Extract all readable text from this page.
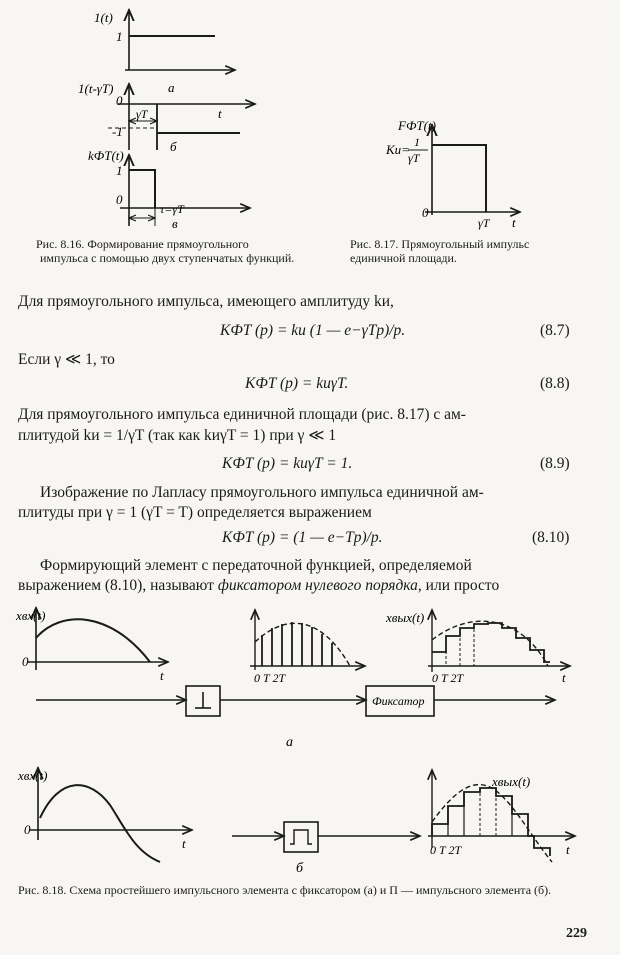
1(t)
1
1(t-γT)
0
-1
γT	t
а
б
kФT(t)
1
0
τ=γT
в
FФT(t)
Kи= 1
γT
0
γT t
Рис. 8.16. Формирование прямоугольного импульса с помощью двух ступенчатых функций.
Рис. 8.17. Прямоугольный импульс единичной площади.
Для прямоугольного импульса, имеющего амплитуду kи,
KФT (p) = kи (1 — e−γTp)/p.	(8.7)
Если γ ≪ 1, то
KФT (p) = kиγT.	(8.8)
Для прямоугольного импульса единичной площади (рис. 8.17) с ам-
плитудой kи = 1/γT (так как kиγT = 1) при γ ≪ 1
KФT (p) = kиγT = 1.	(8.9)
Изображение по Лапласу прямоугольного импульса единичной ам-
плитуды при γ = 1 (γT = T) определяется выражением
KФT (p) = (1 — e−Tp)/p.	(8.10)
Формирующий элемент с передаточной функцией, определяемой
выражением (8.10), называют фиксатором нулевого порядка, или просто
xвх(t)
0
t	0 T 2T
xвых(t)
0 T 2T	t
Фиксатор
а
xвх(t)
0
t
б
xвых(t)
0 T 2T	t
Рис. 8.18. Схема простейшего импульсного элемента с фиксатором (а) и П — импульсного элемента (б).
229
